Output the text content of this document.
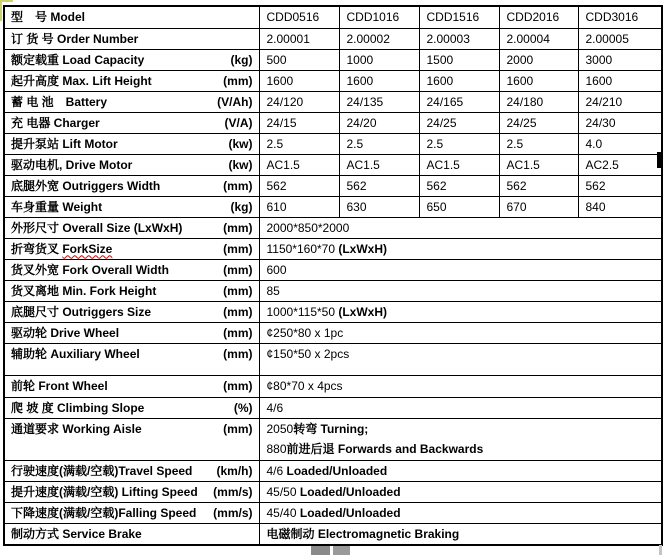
型　号 Model	CDD0516	CDD1016	CDD1516	CDD2016	CDD3016

订 货 号 Order Number	2.00001	2.00002	2.00003	2.00004	2.00005

额定载重 Load Capacity (kg)	500	1000	1500	2000	3000

起升高度 Max. Lift Height (mm)	1600	1600	1600	1600	1600

蓄 电 池　Battery (V/Ah)	24/120	24/135	24/165	24/180	24/210

充 电器 Charger (V/A)	24/15	24/20	24/25	24/25	24/30

提升泵站 Lift Motor (kw)	2.5	2.5	2.5	2.5	4.0

驱动电机, Drive Motor (kw)	AC1.5	AC1.5	AC1.5	AC1.5	AC2.5

底腿外宽 Outriggers Width (mm)	562	562	562	562	562

车身重量 Weight (kg)	610	630	650	670	840

外形尺寸 Overall Size (LxWxH) (mm)	2000*850*2000				

折弯货叉 ForkSize (mm)	1150*160*70 (LxWxH)				

货叉外宽 Fork Overall Width (mm)	600				

货叉离地 Min. Fork Height (mm)	85				

底腿尺寸 Outriggers Size (mm)	1000*115*50 (LxWxH)				

驱动轮 Drive Wheel (mm)	¢250*80 x 1pc				

辅助轮 Auxiliary Wheel (mm)	¢150*50 x 2pcs				

前轮 Front Wheel (mm)	¢80*70 x 4pcs				

爬 坡 度 Climbing Slope (%)	4/6				

通道要求 Working Aisle	(mm)	2050转弯 Turning;
880前进后退 Forwards and Backwards

行驶速度(满载/空载)Travel Speed (km/h)	4/6 Loaded/Unloaded				

提升速度(满载/空载) Lifting Speed (mm/s)	45/50 Loaded/Unloaded				

下降速度(满载/空载)Falling Speed (mm/s)	45/40 Loaded/Unloaded				

制动方式 Service Brake	电磁制动 Electromagnetic Braking				
